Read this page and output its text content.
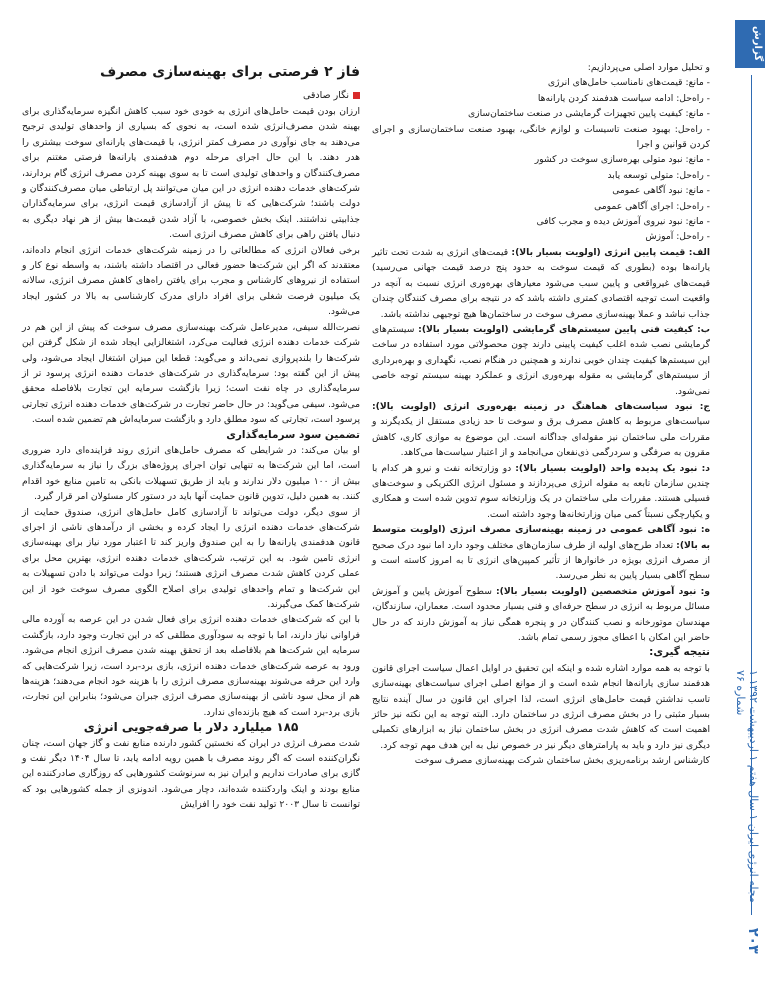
گزارش
مجله انرژی ایران ۱ سال هفتم ۱ اردیبهشت ۱۳۹۲ ۱ شماره ۷۶
۲۰۳

و تحلیل موارد اصلی می‌پردازیم:

- مانع: قیمت‌های نامناسب حامل‌های انرژی

- راه‌حل: ادامه سیاست هدفمند کردن یارانه‌ها

- مانع: کیفیت پایین تجهیزات گرمایشی در صنعت ساختمان‌سازی

- راه‌حل: بهبود صنعت تاسیسات و لوازم خانگی، بهبود صنعت ساختمان‌سازی و اجرای کردن قوانین و اجرا

- مانع: نبود متولی بهره‌سازی سوخت در کشور

- راه‌حل: متولی توسعه یابد

- مانع: نبود آگاهی عمومی

- راه‌حل: اجرای آگاهی عمومی

- مانع: نبود نیروی آموزش دیده و مجرب کافی

- راه‌حل: آموزش

الف: قیمت پایین انرژی (اولویت بسیار بالا): قیمت‌های انرژی به شدت تحت تاثیر یارانه‌ها بوده (بطوری که قیمت سوخت به حدود پنج درصد قیمت جهانی می‌رسید) قیمت‌های غیرواقعی و پایین سبب می‌شود معیارهای بهره‌وری انرژی نسبت به آنچه در واقعیت است توجیه اقتصادی کمتری داشته باشد که در نتیجه برای مصرف کنندگان چندان جذاب نباشد و عملا بهینه‌سازی مصرف سوخت در ساختمان‌ها هیچ توجیهی نداشته باشد.

ب: کیفیت فنی پایین سیستم‌های گرمایشی (اولویت بسیار بالا): سیستم‌های گرمایشی نصب شده اغلب کیفیت پایینی دارند چون محصولاتی مورد استفاده در ساخت این سیستم‌ها کیفیت چندان خوبی ندارند و همچنین در هنگام نصب، نگهداری و بهره‌برداری از سیستم‌های گرمایشی به مقوله بهره‌وری انرژی و عملکرد بهینه سیستم توجه خاصی نمی‌شود.

ج: نبود سیاست‌های هماهنگ در زمینه بهره‌وری انرژی (اولویت بالا): سیاست‌های مربوط به کاهش مصرف برق و سوخت تا حد زیادی مستقل از یکدیگرند و مقررات ملی ساختمان نیز مقوله‌ای جداگانه است. این موضوع به موازی کاری، کاهش مقرون به صرفگی و سردرگمی ذی‌نفعان می‌انجامد و از اعتبار سیاست‌ها می‌کاهد.

د: نبود یک پدیده واحد (اولویت بسیار بالا): دو وزارتخانه نفت و نیرو هر کدام با چندین سازمان تابعه به مقوله انرژی می‌پردازند و مسئول انرژی الکتریکی و سوخت‌های فسیلی هستند. مقررات ملی ساختمان در یک وزارتخانه سوم تدوین شده است و همکاری و یکپارچگی نسبتاً کمی میان وزارتخانه‌ها وجود داشته است.

ه: نبود آگاهی عمومی در زمینه بهینه‌سازی مصرف انرژی (اولویت متوسط به بالا): تعداد طرح‌های اولیه از طرف سازمان‌های مختلف وجود دارد اما نبود درک صحیح از مصرف انرژی بویژه در خانوارها از تأثیر کمپین‌های انرژی تا به امروز کاسته است و سطح آگاهی بسیار پایین به نظر می‌رسد.

و: نبود آموزش متخصصین (اولویت بسیار بالا): سطوح آموزش پایین و آموزش مسائل مربوط به انرژی در سطح حرفه‌ای و فنی بسیار محدود است. معماران، سازندگان، مهندسان موتورخانه و نصب کنندگان در و پنجره همگی نیاز به آموزش دارند که در حال حاضر این امکان با اعطای مجوز رسمی تمام باشد.

نتیجه گیری:

با توجه به همه موارد اشاره شده و اینکه این تحقیق در اوایل اعمال سیاست اجرای قانون هدفمند سازی یارانه‌ها انجام شده است و از موانع اصلی اجرای سیاست‌های بهینه‌سازی تاسب نداشتن قیمت حامل‌های انرژی است، لذا اجرای این قانون در سال آینده نتایج بسیار مثبتی را در بخش مصرف انرژی در ساختمان دارد. البته توجه به این نکته نیز حائز اهمیت است که کاهش شدت مصرف انرژی در بخش ساختمان نیاز به ابزارهای تکمیلی دیگری نیز دارد و باید به پارامترهای دیگر نیز در خصوص نیل به این هدف مهم توجه کرد.

کارشناس ارشد برنامه‌ریزی بخش ساختمان شرکت بهینه‌سازی مصرف سوخت

فاز ۲ فرصتی برای بهینه‌سازی مصرف
نگار صادقی

ارزان بودن قیمت حامل‌های انرژی به خودی خود سبب کاهش انگیزه سرمایه‌گذاری برای بهینه شدن مصرف‌انرژی شده است، به نحوی که بسیاری از واحدهای تولیدی ترجیح می‌دهند به جای نوآوری در مصرف کمتر انرژی، با قیمت‌های یارانه‌ای سوخت بیشتری را هدر دهند. با این حال اجرای مرحله دوم هدفمندی یارانه‌ها فرصتی مغتنم برای مصرف‌کنندگان و واحدهای تولیدی است تا به سوی بهینه کردن مصرف انرژی گام بردارند، شرکت‌های خدمات دهنده انرژی در این میان می‌توانند پل ارتباطی میان مصرف‌کنندگان و دولت باشند؛ شرکت‌هایی که تا پیش از آزادسازی قیمت انرژی، برای سرمایه‌گذاران جذابیتی نداشتند. اینک بخش خصوصی، با آزاد شدن قیمت‌ها بیش از هر نهاد دیگری به دنبال یافتن راهی برای کاهش مصرف انرژی است.

برخی فعالان انرژی که مطالعاتی را در زمینه شرکت‌های خدمات انرژی انجام داده‌اند، معتقدند که اگر این شرکت‌ها حضور فعالی در اقتصاد داشته باشند، به واسطه نوع کار و استفاده از نیروهای کارشناس و مجرب برای یافتن راه‌های کاهش مصرف انرژی، سالانه یک میلیون فرصت شغلی برای افراد دارای مدرک کارشناسی به بالا در کشور ایجاد می‌شود.

نصرت‌الله سیفی، مدیرعامل شرکت بهینه‌سازی مصرف سوخت که پیش از این هم در شرکت خدمات دهنده انرژی فعالیت می‌کرد، اشتغالزایی ایجاد شده از شکل گرفتن این شرکت‌ها را بلندپروازی نمی‌داند و می‌گوید: قطعا این میزان اشتغال ایجاد می‌شود، ولی پیش از این گفته بود: سرمایه‌گذاری در شرکت‌های خدمات دهنده انرژی پرسود تر از سرمایه‌گذاری در چاه نفت است؛ زیرا بازگشت سرمایه این تجارت بلافاصله محقق می‌شود. سیفی می‌گوید: در حال حاضر تجارت در شرکت‌های خدمات دهنده انرژی تجارتی پرسود است، تجارتی که سود مطلق دارد و بازگشت سرمایه‌اش هم تضمین شده است.

تضمین سود سرمایه‌گذاری

او بیان می‌کند: در شرایطی که مصرف حامل‌های انرژی روند فزاینده‌ای دارد ضروری است، اما این شرکت‌ها به تنهایی توان اجرای پروژه‌های بزرگ را نیاز به سرمایه‌گذاری بیش از ۱۰۰ میلیون دلار ندارند و باید از طریق تسهیلات بانکی به تامین منابع خود اقدام کنند. به همین دلیل، تدوین قانون حمایت آنها باید در دستور کار مسئولان امر قرار گیرد.

از سوی دیگر، دولت می‌تواند تا آزادسازی کامل حامل‌های انرژی، صندوق حمایت از شرکت‌های خدمات دهنده انرژی را ایجاد کرده و بخشی از درآمدهای ناشی از اجرای قانون هدفمندی یارانه‌ها را به این صندوق واریز کند تا اعتبار مورد نیاز برای بهینه‌سازی انرژی تامین شود. به این ترتیب، شرکت‌های خدمات دهنده انرژی، بهترین محل برای عملی کردن کاهش شدت مصرف انرژی هستند؛ زیرا دولت می‌تواند با دادن تسهیلات به این شرکت‌ها و تمام واحدهای تولیدی برای اصلاح الگوی مصرف سوخت خود از این شرکت‌ها کمک می‌گیرند.

با این که شرکت‌های خدمات دهنده انرژی برای فعال شدن در این عرصه به آورده مالی فراوانی نیاز دارند، اما با توجه به سودآوری مطلقی که در این تجارت وجود دارد، بازگشت سرمایه این شرکت‌ها هم بلافاصله بعد از تحقق بهینه شدن مصرف انرژی انجام می‌شود. ورود به عرصه شرکت‌های خدمات دهنده انرژی، بازی برد-برد است، زیرا شرکت‌هایی که وارد این حرفه می‌شوند بهینه‌سازی مصرف انرژی را با هزینه خود انجام می‌دهند؛ هزینه‌ها هم از محل سود ناشی از بهینه‌سازی مصرف انرژی جبران می‌شود؛ بنابراین این تجارت، بازی برد-برد است که هیچ بازنده‌ای ندارد.

۱۸۵ میلیارد دلار با صرفه‌جویی انرژی

شدت مصرف انرژی در ایران که نخستین کشور دارنده منابع نفت و گاز جهان است، چنان نگران‌کننده است که اگر روند مصرف با همین رویه ادامه یابد، تا سال ۱۴۰۴ دیگر نفت و گازی برای صادرات نداریم و ایران نیز به سرنوشت کشورهایی که روزگاری صادرکننده این منابع بودند و اینک واردکننده شده‌اند، دچار می‌شود. اندونزی از جمله کشورهایی بود که توانست تا سال ۲۰۰۳ تولید نفت خود را افزایش
